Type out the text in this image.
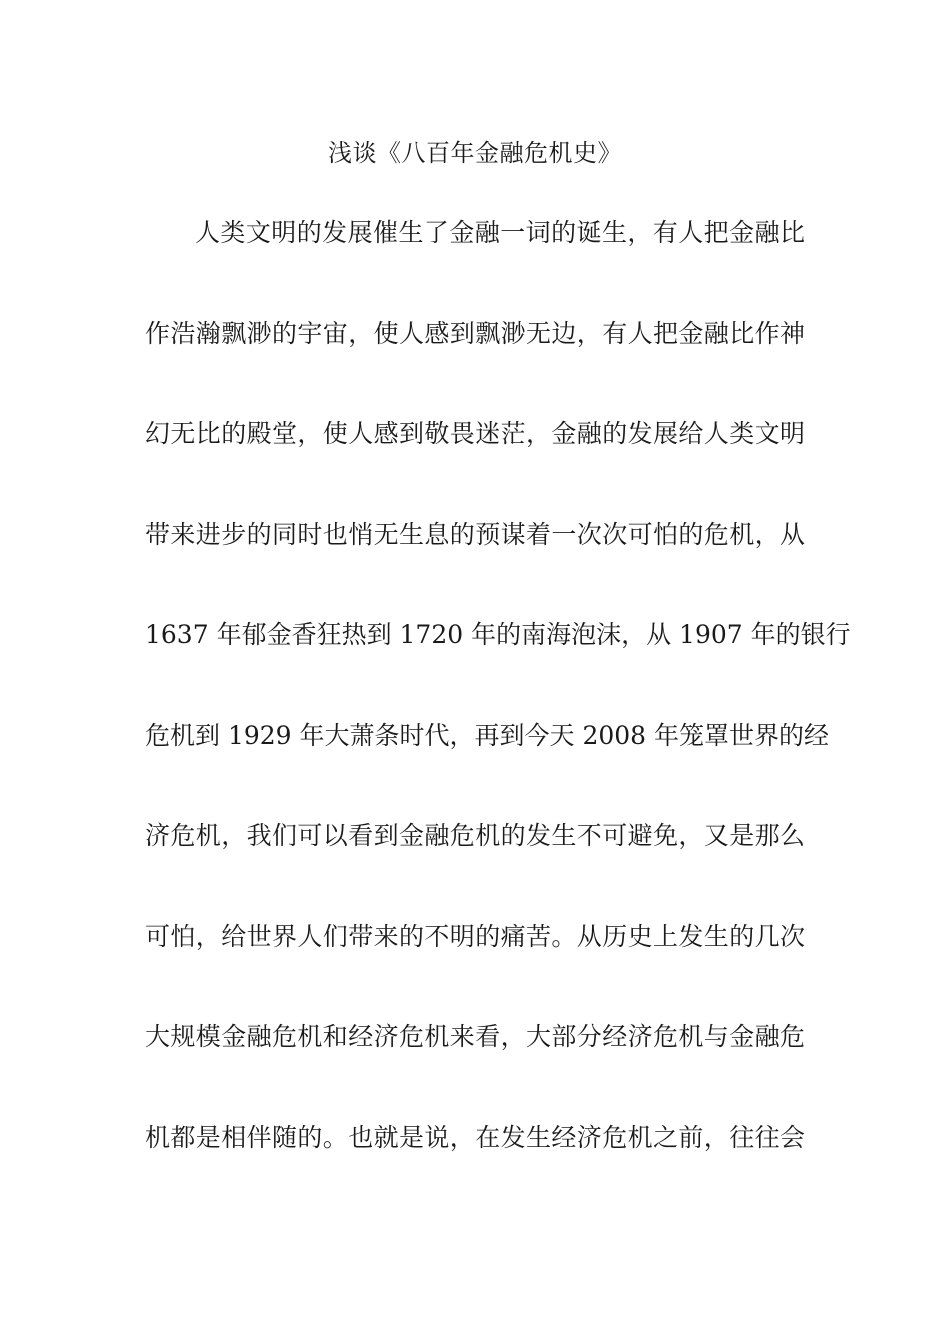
浅谈《八百年金融危机史》
人类文明的发展催生了金融一词的诞生，有人把金融比
作浩瀚飘渺的宇宙，使人感到飘渺无边，有人把金融比作神
幻无比的殿堂，使人感到敬畏迷茫，金融的发展给人类文明
带来进步的同时也悄无生息的预谋着一次次可怕的危机，从
1637 年郁金香狂热到 1720 年的南海泡沫，从 1907 年的银行
危机到 1929 年大萧条时代，再到今天 2008 年笼罩世界的经
济危机，我们可以看到金融危机的发生不可避免，又是那么
可怕，给世界人们带来的不明的痛苦。从历史上发生的几次
大规模金融危机和经济危机来看，大部分经济危机与金融危
机都是相伴随的。也就是说，在发生经济危机之前，往往会
